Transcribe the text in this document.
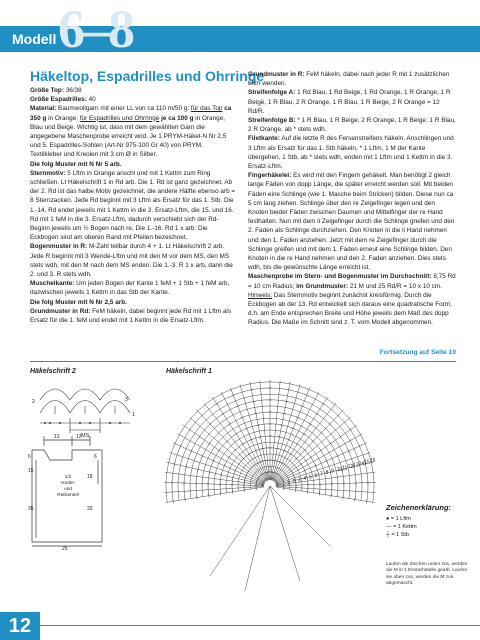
6–8
Modell
Häkeltop, Espadrilles und Ohrringe

Größe Top: 36/38

Größe Espadrilles: 40

Material: Baumwollgarn mit einer LL von ca 110 m/50 g: für das Top ca 350 g in Orange; für Espadrilles und Ohrringe je ca 100 g in Orange, Blau und Beige. Wichtig ist, dass mit dem gewählten Garn die angegebene Maschenprobe erreicht wird. Je 1 PRYM-Häkel-N Nr 2,5 und 5. Espadrilles-Sohlen (Art-Nr 975-100 Gr 40) von PRYM. Textilkleber und Kreolen mit 3 cm Ø in Silber.

Die folg Muster mit N Nr 5 arb.

Sternmotiv: 5 Lftm in Orange anschl und mit 1 Kettm zum Ring schließen. Lt Häkelschrift 1 in Rd arb. Die 1. Rd ist ganz gezeichnet. Ab der 2. Rd ist das halbe Motiv gezeichnet, die andere Hälfte ebenso arb = 8 Sternzacken. Jede Rd beginnt mit 3 Lftm als Ersatz für das 1. Stb. Die 1.-14. Rd endet jeweils mit 1 Kettm in die 3. Ersatz-Lftm, die 15. und 16. Rd mit 1 feM in die 3. Ersatz-Lftm, dadurch verschiebt sich der Rd-Beginn jeweils um ½ Bogen nach re. Die 1.-16. Rd 1 x arb. Die Eckbogen sind am oberen Rand mit Pfeilen bezeichnet.

Bogenmuster in R: M-Zahl teilbar durch 4 + 1. Lt Häkelschrift 2 arb. Jede R beginnt mit 3 Wende-Lftm und mit den M vor dem MS, den MS stets wdh, mit den M nach dem MS enden. Die 1.-3. R 1 x arb, dann die 2. und 3. R stets wdh.

Muschelkante: Um jeden Bogen der Kante 1 feM + 1 Stb + 1 feM arb, dazwischen jeweils 1 Kettm in das Stb der Kante.

Die folg Muster mit N Nr 2,5 arb.

Grundmuster in Rd: FeM häkeln, dabei beginnt jede Rd mit 1 Lftm als Ersatz für die 1. feM und endet mit 1 Kettm in die Ersatz-Lftm.

Grundmuster in R: FeM häkeln, dabei nach jeder R mit 1 zusätzlichen Lftm wenden.

Streifenfolge A: 1 Rd Blau, 1 Rd Beige, 1 Rd Orange, 1 R Orange, 1 R Beige, 1 R Blau, 2 R Orange, 1 R Blau, 1 R Beige, 2 R Orange = 12 Rd/R.

Streifenfolge B: * 1 R Blau, 1 R Beige, 2 R Orange, 1 R Beige, 1 R Blau, 2 R Orange, ab * stets wdh.

Filetkante: Auf die letzte R des Fersenstreifens häkeln. Anschlingen und 3 Lftm als Ersatz für das 1. Stb häkeln, * 1 Lftm, 1 M der Kante übergehen, 1 Stb, ab * stets wdh, enden mit 1 Lftm und 1 Kettm in die 3. Ersatz-Lftm.

Fingerhäkelei: Es wird mit den Fingern gehäkelt. Man benötigt 2 gleich lange Fäden von dopp Länge, die später erreicht werden soll. Mit beiden Fäden eine Schlinge (wie 1. Masche beim Stricken) bilden. Diese nun ca 5 cm lang ziehen. Schlinge über den re Zeigefinger legen und den Knoten beider Fäden zwischen Daumen und Mittelfinger der re Hand festhalten. Nun mit dem li Zeigefinger durch die Schlinge greifen und den 2. Faden als Schlinge durchziehen. Den Knoten in die li Hand nehmen und den 1. Faden anziehen. Jetzt mit dem re Zeigefinger durch die Schlinge greifen und mit dem 1. Faden erneut eine Schlinge bilden. Den Knoten in die re Hand nehmen und den 2. Faden anziehen. Dies stets wdh, bis die gewünschte Länge erreicht ist.

Maschenprobe im Stern- und Bogenmuster im Durchschnitt: 8,75 Rd = 10 cm Radius; im Grundmuster: 21 M und 25 Rd/R = 10 x 10 cm.

Hinweis: Das Sternmotiv beginnt zunächst kreisförmig. Durch die Eckbogen ab der 13. Rd entwickelt sich daraus eine quadratische Form, d.h. am Ende entsprechen Breite und Höhe jeweils dem Maß des dopp Radius. Die Maße im Schnitt sind z. T. vom Modell abgenommen.

Fortsetzung auf Seite 10
Häkelschrift 2	Häkelschrift 1
3
2
1
MS
13	12
6
15
35
6
18
32
25
1/2
Vorder-
und
Rückenteil
16
15
14
13
12
11
10
9
8
7
6
5
4
3
2
1
Zeichenerklärung:
● = 1 Lftm
— = 1 Kettm
┼ = 1 Stb
Laufen die Zeichen unten zus, werden die M in 1 Einstichstelle gearb. Laufen sie oben zus, werden die M zus abgemascht.
12
